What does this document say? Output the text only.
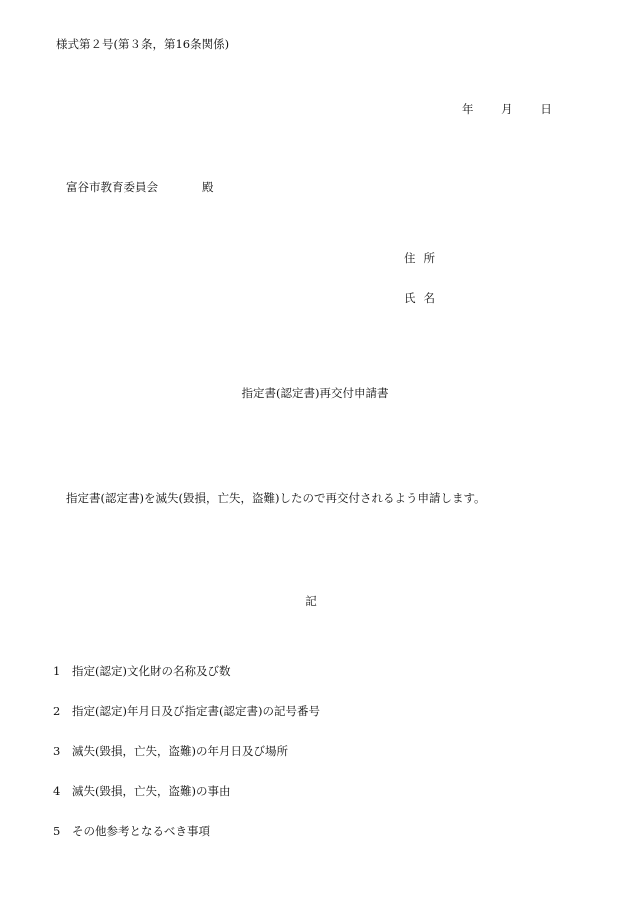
様式第２号(第３条，第16条関係)
年 月 日
富谷市教育委員会	殿
住所
氏名
指定書(認定書)再交付申請書
指定書(認定書)を滅失(毀損，亡失，盗難)したので再交付されるよう申請します。
記
1 指定(認定)文化財の名称及び数
2 指定(認定)年月日及び指定書(認定書)の記号番号
3 滅失(毀損，亡失，盗難)の年月日及び場所
4 滅失(毀損，亡失，盗難)の事由
5 その他参考となるべき事項
